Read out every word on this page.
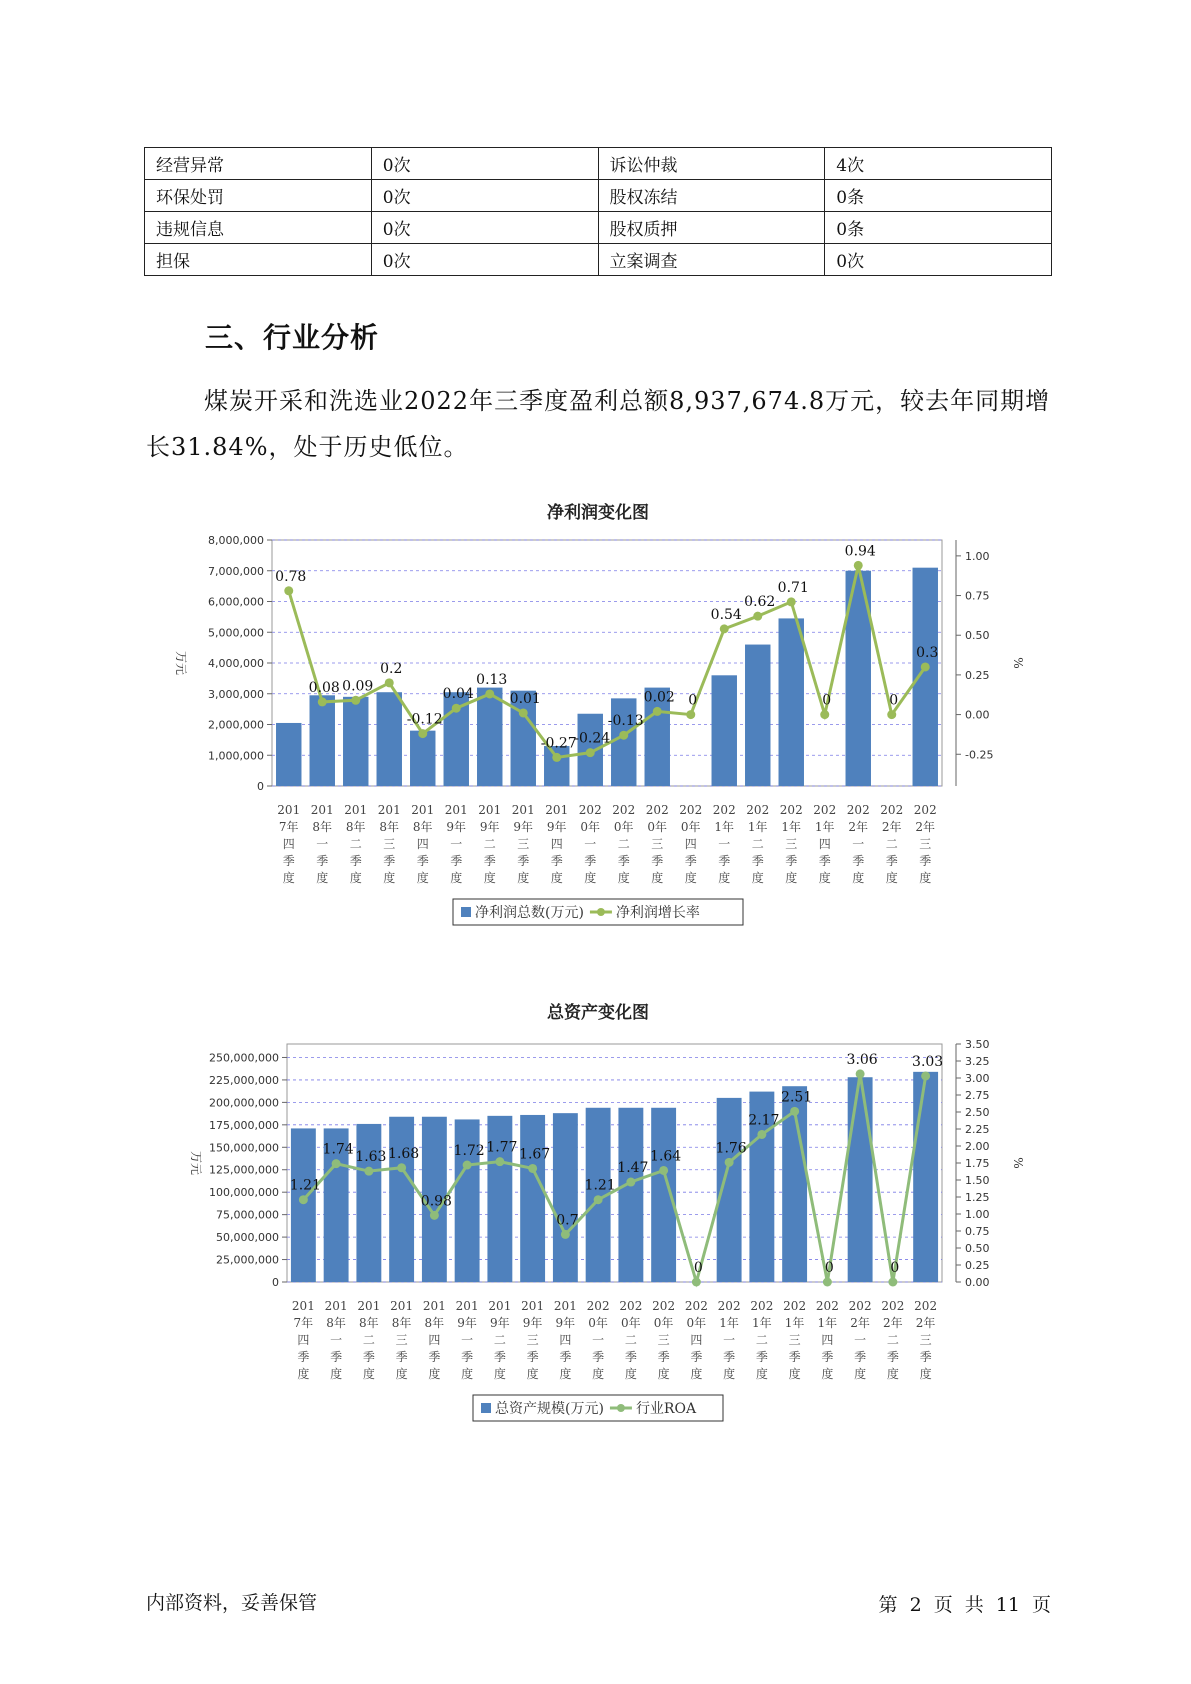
经营异常	0次	诉讼仲裁	4次
环保处罚	0次	股权冻结	0条
违规信息	0次	股权质押	0条
担保	0次	立案调查	0次
三、行业分析
煤炭开采和洗选业2022年三季度盈利总额8,937,674.8万元，较去年同期增长31.84%，处于历史低位。
净利润变化图
0
1,000,000
2,000,000
3,000,000
4,000,000
5,000,000
6,000,000
7,000,000
8,000,000
-0.25
0.00
0.25
0.50
0.75
1.00
万元	%
0.78
0.08 0.09
0.2
-0.12
0.04
0.13
0.01
-0.27
-0.24
-0.13
0.02 0
0.54
0.62
0.71
0
0.94
0
0.3
201
7年
四
季
度
201
8年
一
季
度
201
8年
二
季
度
201
8年
三
季
度
201
8年
四
季
度
201
9年
一
季
度
201
9年
二
季
度
201
9年
三
季
度
201
9年
四
季
度
202
0年
一
季
度
202
0年
二
季
度
202
0年
三
季
度
202
0年
四
季
度
202
1年
一
季
度
202
1年
二
季
度
202
1年
三
季
度
202
1年
四
季
度
202
2年
一
季
度
202
2年
二
季
度
202
2年
三
季
度
净利润总数(万元) 净利润增长率
总资产变化图
0
25,000,000
50,000,000
75,000,000
100,000,000
125,000,000
150,000,000
175,000,000
200,000,000
225,000,000
250,000,000
0.00
0.25
0.50
0.75
1.00
1.25
1.50
1.75
2.00
2.25
2.50
2.75
3.00
3.25
3.50
万元	%
1.21
1.74 1.63 1.68
0.98
1.72 1.77 1.67
0.7
1.21
1.47
1.64
0
1.76
2.17
2.51
0
3.06
0
3.03
201
7年
四
季
度
201
8年
一
季
度
201
8年
二
季
度
201
8年
三
季
度
201
8年
四
季
度
201
9年
一
季
度
201
9年
二
季
度
201
9年
三
季
度
201
9年
四
季
度
202
0年
一
季
度
202
0年
二
季
度
202
0年
三
季
度
202
0年
四
季
度
202
1年
一
季
度
202
1年
二
季
度
202
1年
三
季
度
202
1年
四
季
度
202
2年
一
季
度
202
2年
二
季
度
202
2年
三
季
度
总资产规模(万元) 行业ROA
内部资料，妥善保管	第 2 页 共 11 页
